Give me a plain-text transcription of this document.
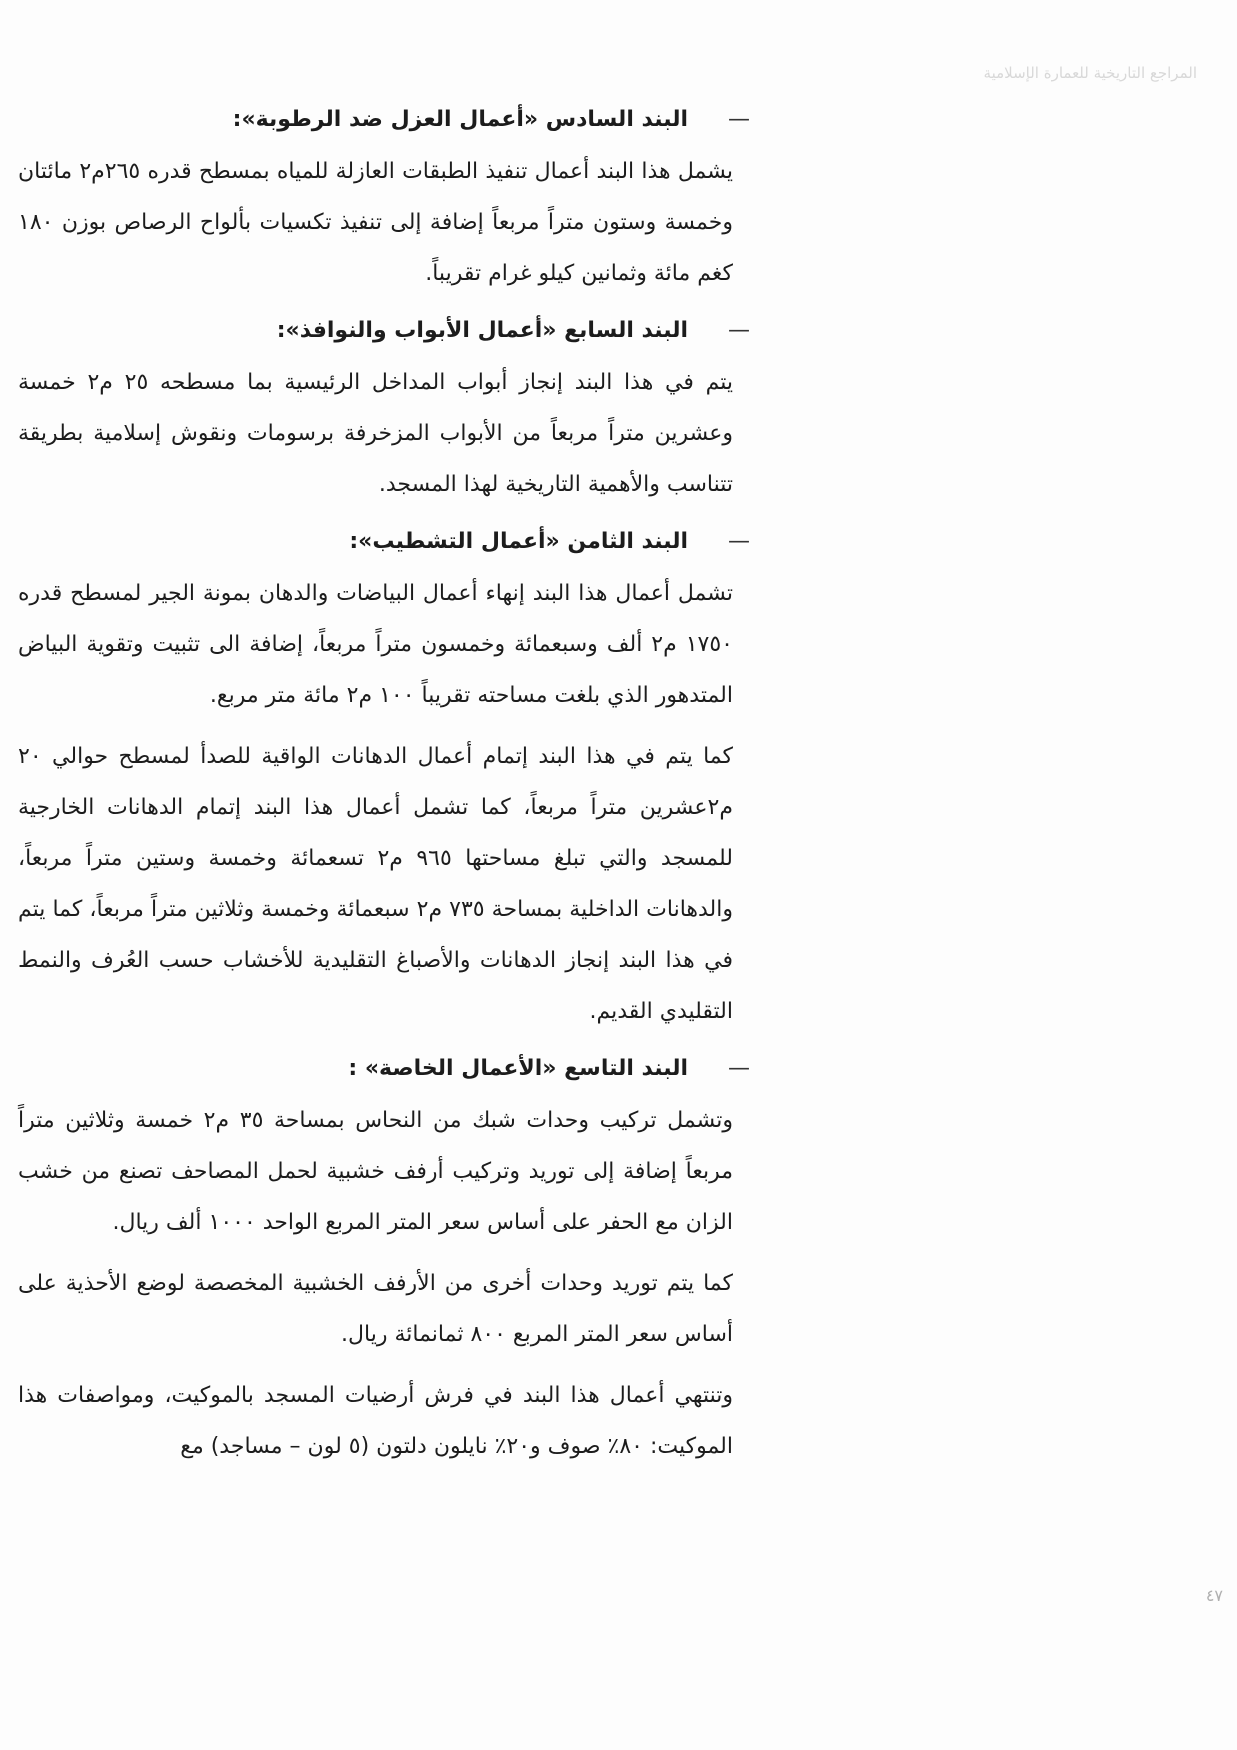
المراجع التاريخية للعمارة الإسلامية
—
البند السادس «أعمال العزل ضد الرطوبة»:

يشمل هذا البند أعمال تنفيذ الطبقات العازلة للمياه بمسطح قدره ٢٦٥م٢ مائتان وخمسة وستون متراً مربعاً إضافة إلى تنفيذ تكسيات بألواح الرصاص بوزن ١٨٠ كغم مائة وثمانين كيلو غرام تقريباً.

—
البند السابع «أعمال الأبواب والنوافذ»:

يتم في هذا البند إنجاز أبواب المداخل الرئيسية بما مسطحه ٢٥ م٢ خمسة وعشرين متراً مربعاً من الأبواب المزخرفة برسومات ونقوش إسلامية بطريقة تتناسب والأهمية التاريخية لهذا المسجد.

—
البند الثامن «أعمال التشطيب»:

تشمل أعمال هذا البند إنهاء أعمال البياضات والدهان بمونة الجير لمسطح قدره ١٧٥٠ م٢ ألف وسبعمائة وخمسون متراً مربعاً، إضافة الى تثبيت وتقوية البياض المتدهور الذي بلغت مساحته تقريباً ١٠٠ م٢ مائة متر مربع.

كما يتم في هذا البند إتمام أعمال الدهانات الواقية للصدأ لمسطح حوالي ٢٠ م٢عشرين متراً مربعاً، كما تشمل أعمال هذا البند إتمام الدهانات الخارجية للمسجد والتي تبلغ مساحتها ٩٦٥ م٢ تسعمائة وخمسة وستين متراً مربعاً، والدهانات الداخلية بمساحة ٧٣٥ م٢ سبعمائة وخمسة وثلاثين متراً مربعاً، كما يتم في هذا البند إنجاز الدهانات والأصباغ التقليدية للأخشاب حسب العُرف والنمط التقليدي القديم.

—
البند التاسع «الأعمال الخاصة» :

وتشمل تركيب وحدات شبك من النحاس بمساحة ٣٥ م٢ خمسة وثلاثين متراً مربعاً إضافة إلى توريد وتركيب أرفف خشبية لحمل المصاحف تصنع من خشب الزان مع الحفر على أساس سعر المتر المربع الواحد ١٠٠٠ ألف ريال.

كما يتم توريد وحدات أخرى من الأرفف الخشبية المخصصة لوضع الأحذية على أساس سعر المتر المربع ٨٠٠ ثمانمائة ريال.

وتنتهي أعمال هذا البند في فرش أرضيات المسجد بالموكيت، ومواصفات هذا الموكيت: ٨٠٪ صوف و٢٠٪ نايلون دلتون (٥ لون – مساجد) مع

٤٧
